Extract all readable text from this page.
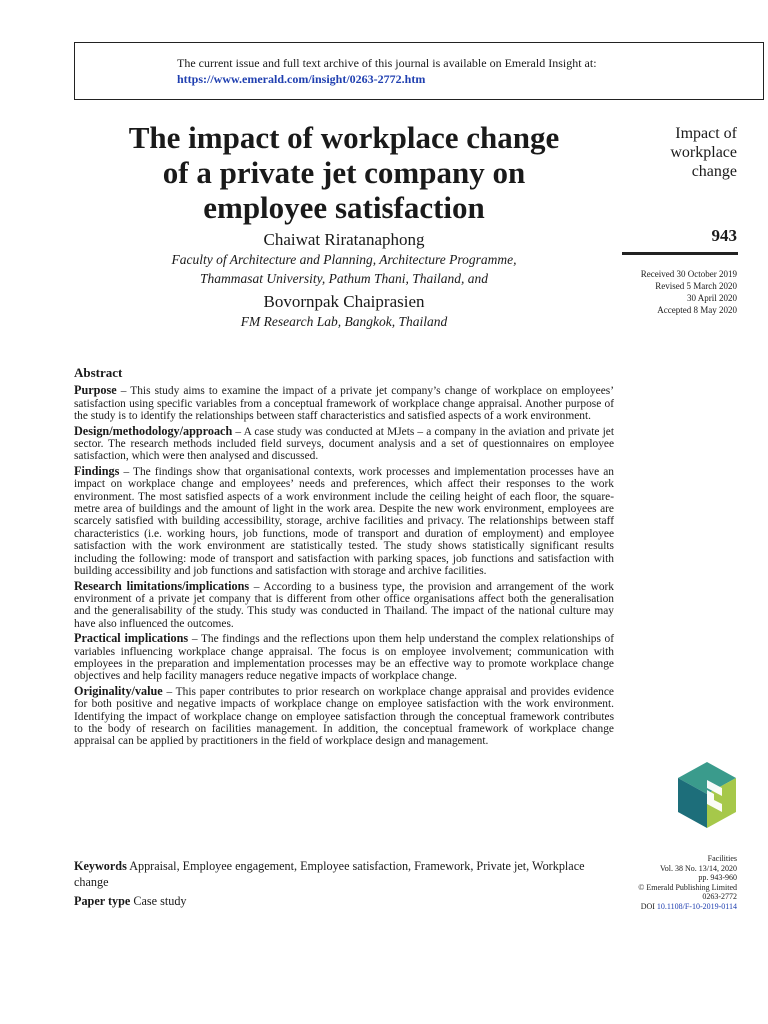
The current issue and full text archive of this journal is available on Emerald Insight at:
https://www.emerald.com/insight/0263-2772.htm
The impact of workplace change
of a private jet company on
employee satisfaction
Impact of
workplace
change
943
Received 30 October 2019
Revised 5 March 2020
30 April 2020
Accepted 8 May 2020
Chaiwat Riratanaphong
Faculty of Architecture and Planning, Architecture Programme,
Thammasat University, Pathum Thani, Thailand, and
Bovornpak Chaiprasien
FM Research Lab, Bangkok, Thailand
Abstract
Purpose – This study aims to examine the impact of a private jet company’s change of workplace on employees’ satisfaction using specific variables from a conceptual framework of workplace change appraisal. Another purpose of the study is to identify the relationships between staff characteristics and satisfied aspects of a work environment.
Design/methodology/approach – A case study was conducted at MJets – a company in the aviation and private jet sector. The research methods included field surveys, document analysis and a set of questionnaires on employee satisfaction, which were then analysed and discussed.
Findings – The findings show that organisational contexts, work processes and implementation processes have an impact on workplace change and employees’ needs and preferences, which affect their responses to the work environment. The most satisfied aspects of a work environment include the ceiling height of each floor, the square-metre area of buildings and the amount of light in the work area. Despite the new work environment, employees are scarcely satisfied with building accessibility, storage, archive facilities and privacy. The relationships between staff characteristics (i.e. working hours, job functions, mode of transport and duration of employment) and employee satisfaction with the work environment are statistically tested. The study shows statistically significant results including the following: mode of transport and satisfaction with parking spaces, job functions and satisfaction with building accessibility and job functions and satisfaction with storage and archive facilities.
Research limitations/implications – According to a business type, the provision and arrangement of the work environment of a private jet company that is different from other office organisations affect both the generalisation and the generalisability of the study. This study was conducted in Thailand. The impact of the national culture may have also influenced the outcomes.
Practical implications – The findings and the reflections upon them help understand the complex relationships of variables influencing workplace change appraisal. The focus is on employee involvement; communication with employees in the preparation and implementation processes may be an effective way to promote workplace change objectives and help facility managers reduce negative impacts of workplace change.
Originality/value – This paper contributes to prior research on workplace change appraisal and provides evidence for both positive and negative impacts of workplace change on employee satisfaction with the work environment. Identifying the impact of workplace change on employee satisfaction through the conceptual framework contributes to the body of research on facilities management. In addition, the conceptual framework of workplace change appraisal can be applied by practitioners in the field of workplace design and management.
Keywords Appraisal, Employee engagement, Employee satisfaction, Framework, Private jet, Workplace change
Paper type Case study
Facilities
Vol. 38 No. 13/14, 2020
pp. 943-960
© Emerald Publishing Limited
0263-2772
DOI 10.1108/F-10-2019-0114
